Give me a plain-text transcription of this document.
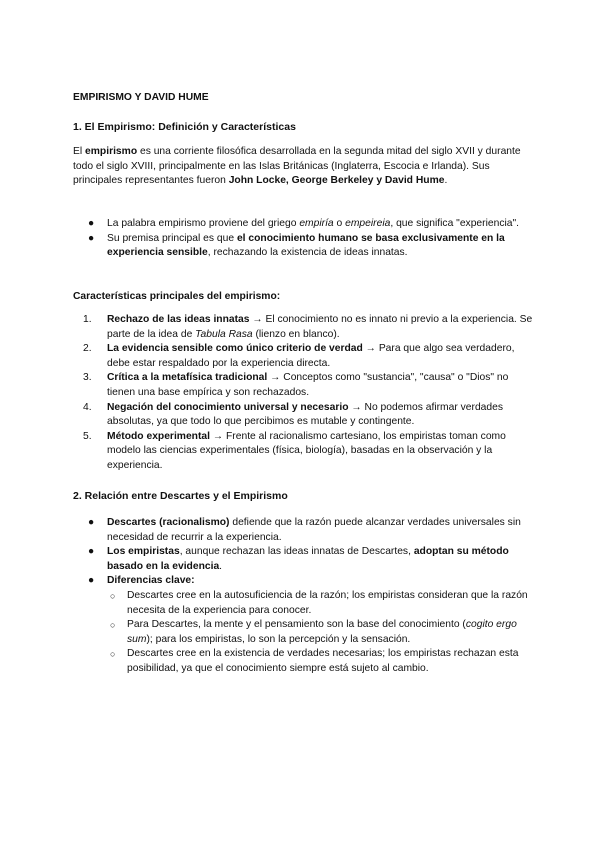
EMPIRISMO Y DAVID HUME

1. El Empirismo: Definición y Características

El empirismo es una corriente filosófica desarrollada en la segunda mitad del siglo XVII y durante todo el siglo XVIII, principalmente en las Islas Británicas (Inglaterra, Escocia e Irlanda). Sus principales representantes fueron John Locke, George Berkeley y David Hume.

● La palabra empirismo proviene del griego empiría o empeireia, que significa "experiencia".
● Su premisa principal es que el conocimiento humano se basa exclusivamente en la experiencia sensible, rechazando la existencia de ideas innatas.

Características principales del empirismo:

1. Rechazo de las ideas innatas → El conocimiento no es innato ni previo a la experiencia. Se parte de la idea de Tabula Rasa (lienzo en blanco).
2. La evidencia sensible como único criterio de verdad → Para que algo sea verdadero, debe estar respaldado por la experiencia directa.
3. Crítica a la metafísica tradicional → Conceptos como "sustancia", "causa" o "Dios" no tienen una base empírica y son rechazados.
4. Negación del conocimiento universal y necesario → No podemos afirmar verdades absolutas, ya que todo lo que percibimos es mutable y contingente.
5. Método experimental → Frente al racionalismo cartesiano, los empiristas toman como modelo las ciencias experimentales (física, biología), basadas en la observación y la experiencia.

2. Relación entre Descartes y el Empirismo

● Descartes (racionalismo) defiende que la razón puede alcanzar verdades universales sin necesidad de recurrir a la experiencia.
● Los empiristas, aunque rechazan las ideas innatas de Descartes, adoptan su método basado en la evidencia.
● Diferencias clave:
○ Descartes cree en la autosuficiencia de la razón; los empiristas consideran que la razón necesita de la experiencia para conocer.
○ Para Descartes, la mente y el pensamiento son la base del conocimiento (cogito ergo sum); para los empiristas, lo son la percepción y la sensación.
○ Descartes cree en la existencia de verdades necesarias; los empiristas rechazan esta posibilidad, ya que el conocimiento siempre está sujeto al cambio.
